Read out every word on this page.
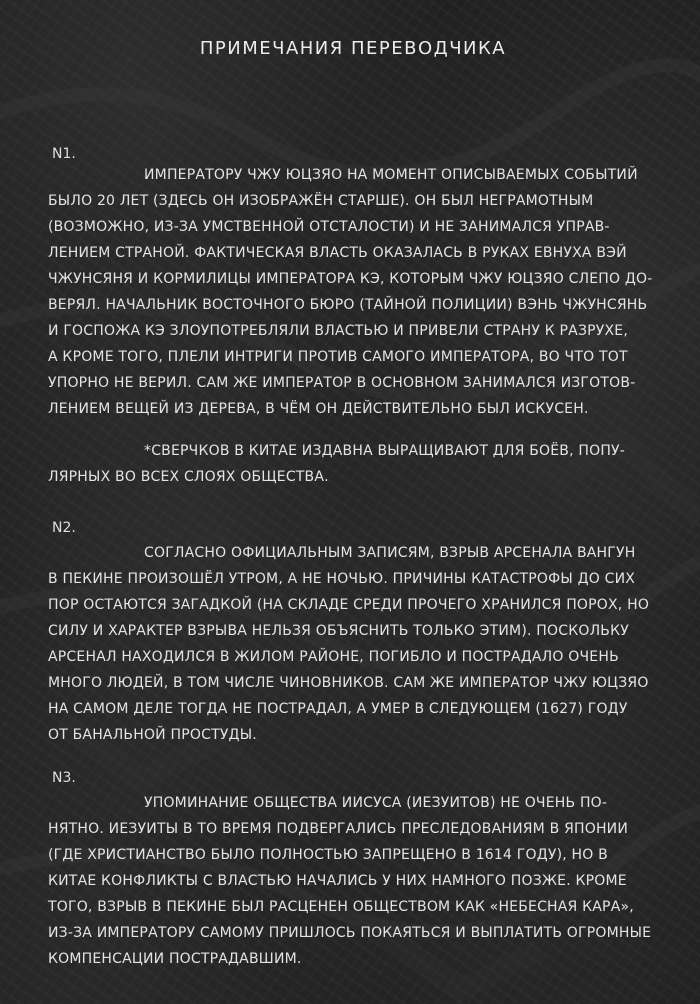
ПРИМЕЧАНИЯ ПЕРЕВОДЧИКА
N1.
ИМПЕРАТОРУ ЧЖУ ЮЦЗЯО НА МОМЕНТ ОПИСЫВАЕМЫХ СОБЫТИЙ
БЫЛО 20 ЛЕТ (ЗДЕСЬ ОН ИЗОБРАЖЁН СТАРШЕ). ОН БЫЛ НЕГРАМОТНЫМ
(ВОЗМОЖНО, ИЗ-ЗА УМСТВЕННОЙ ОТСТАЛОСТИ) И НЕ ЗАНИМАЛСЯ УПРАВ-
ЛЕНИЕМ СТРАНОЙ. ФАКТИЧЕСКАЯ ВЛАСТЬ ОКАЗАЛАСЬ В РУКАХ ЕВНУХА ВЭЙ
ЧЖУНСЯНЯ И КОРМИЛИЦЫ ИМПЕРАТОРА КЭ, КОТОРЫМ ЧЖУ ЮЦЗЯО СЛЕПО ДО-
ВЕРЯЛ. НАЧАЛЬНИК ВОСТОЧНОГО БЮРО (ТАЙНОЙ ПОЛИЦИИ) ВЭНЬ ЧЖУНСЯНЬ
И ГОСПОЖА КЭ ЗЛОУПОТРЕБЛЯЛИ ВЛАСТЬЮ И ПРИВЕЛИ СТРАНУ К РАЗРУХЕ,
А КРОМЕ ТОГО, ПЛЕЛИ ИНТРИГИ ПРОТИВ САМОГО ИМПЕРАТОРА, ВО ЧТО ТОТ
УПОРНО НЕ ВЕРИЛ. САМ ЖЕ ИМПЕРАТОР В ОСНОВНОМ ЗАНИМАЛСЯ ИЗГОТОВ-
ЛЕНИЕМ ВЕЩЕЙ ИЗ ДЕРЕВА, В ЧЁМ ОН ДЕЙСТВИТЕЛЬНО БЫЛ ИСКУСЕН.
*СВЕРЧКОВ В КИТАЕ ИЗДАВНА ВЫРАЩИВАЮТ ДЛЯ БОЁВ, ПОПУ-
ЛЯРНЫХ ВО ВСЕХ СЛОЯХ ОБЩЕСТВА.
N2.
СОГЛАСНО ОФИЦИАЛЬНЫМ ЗАПИСЯМ, ВЗРЫВ АРСЕНАЛА ВАНГУН
В ПЕКИНЕ ПРОИЗОШЁЛ УТРОМ, А НЕ НОЧЬЮ. ПРИЧИНЫ КАТАСТРОФЫ ДО СИХ
ПОР ОСТАЮТСЯ ЗАГАДКОЙ (НА СКЛАДЕ СРЕДИ ПРОЧЕГО ХРАНИЛСЯ ПОРОХ, НО
СИЛУ И ХАРАКТЕР ВЗРЫВА НЕЛЬЗЯ ОБЪЯСНИТЬ ТОЛЬКО ЭТИМ). ПОСКОЛЬКУ
АРСЕНАЛ НАХОДИЛСЯ В ЖИЛОМ РАЙОНЕ, ПОГИБЛО И ПОСТРАДАЛО ОЧЕНЬ
МНОГО ЛЮДЕЙ, В ТОМ ЧИСЛЕ ЧИНОВНИКОВ. САМ ЖЕ ИМПЕРАТОР ЧЖУ ЮЦЗЯО
НА САМОМ ДЕЛЕ ТОГДА НЕ ПОСТРАДАЛ, А УМЕР В СЛЕДУЮЩЕМ (1627) ГОДУ
ОТ БАНАЛЬНОЙ ПРОСТУДЫ.
N3.
УПОМИНАНИЕ ОБЩЕСТВА ИИСУСА (ИЕЗУИТОВ) НЕ ОЧЕНЬ ПО-
НЯТНО. ИЕЗУИТЫ В ТО ВРЕМЯ ПОДВЕРГАЛИСЬ ПРЕСЛЕДОВАНИЯМ В ЯПОНИИ
(ГДЕ ХРИСТИАНСТВО БЫЛО ПОЛНОСТЬЮ ЗАПРЕЩЕНО В 1614 ГОДУ), НО В
КИТАЕ КОНФЛИКТЫ С ВЛАСТЬЮ НАЧАЛИСЬ У НИХ НАМНОГО ПОЗЖЕ. КРОМЕ
ТОГО, ВЗРЫВ В ПЕКИНЕ БЫЛ РАСЦЕНЕН ОБЩЕСТВОМ КАК «НЕБЕСНАЯ КАРА»,
ИЗ-ЗА ИМПЕРАТОРУ САМОМУ ПРИШЛОСЬ ПОКАЯТЬСЯ И ВЫПЛАТИТЬ ОГРОМНЫЕ
КОМПЕНСАЦИИ ПОСТРАДАВШИМ.
